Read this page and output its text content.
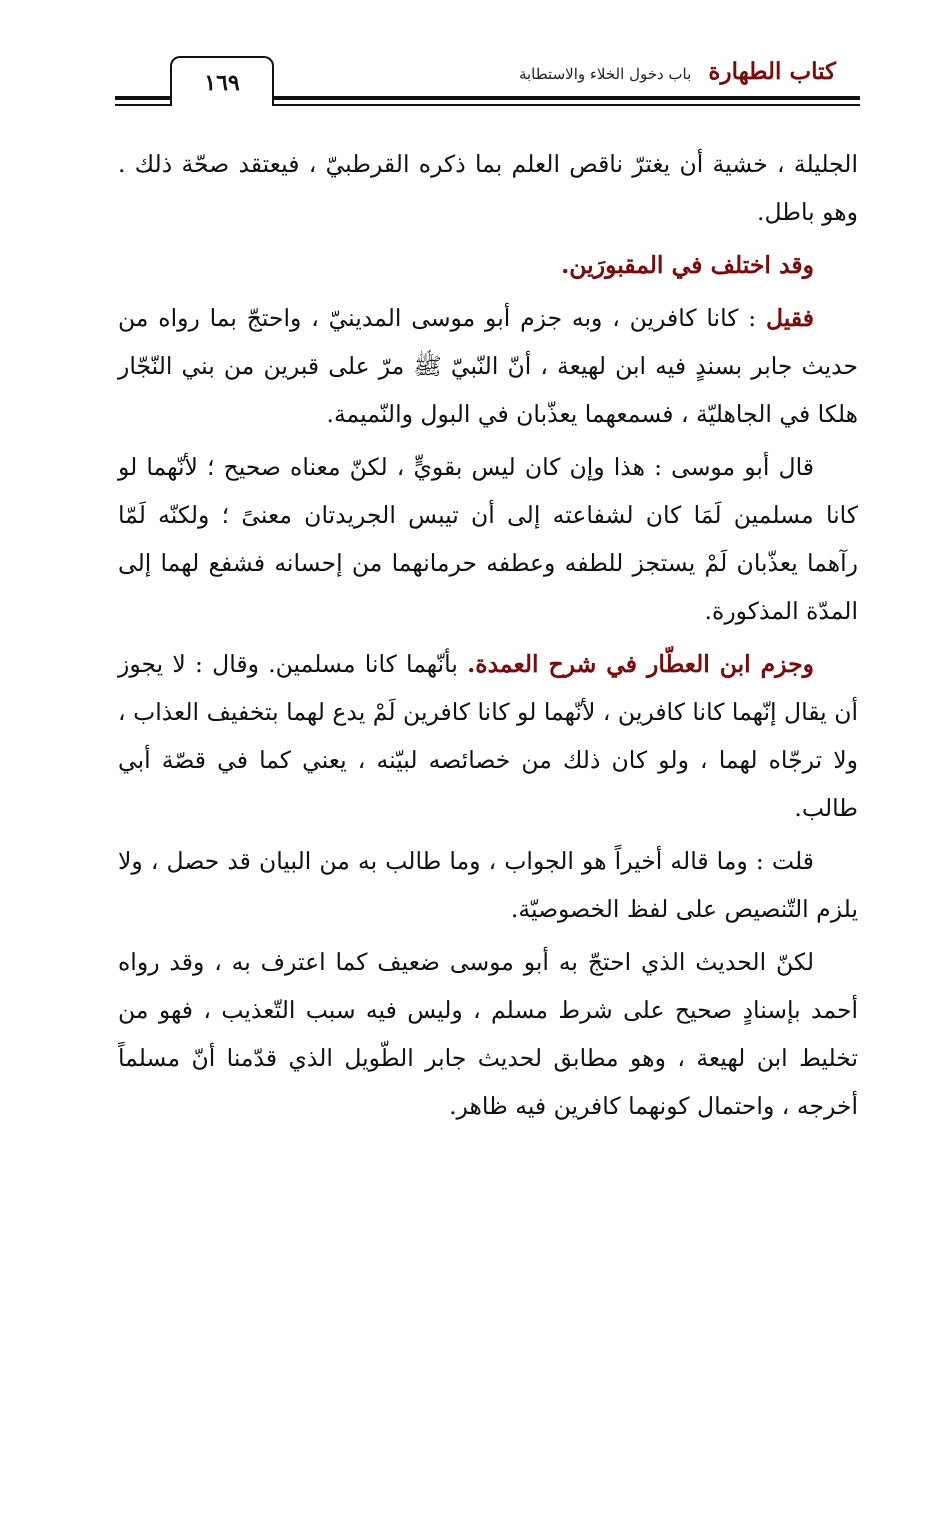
كتاب الطهارة باب دخول الخلاء والاستطابة
١٦٩

الجليلة ، خشية أن يغترّ ناقص العلم بما ذكره القرطبيّ ، فيعتقد صحّة ذلك . وهو باطل.

وقد اختلف في المقبورَين.

فقيل : كانا كافرين ، وبه جزم أبو موسى المدينيّ ، واحتجّ بما رواه من حديث جابر بسندٍ فيه ابن لهيعة ، أنّ النّبيّ ﷺ مرّ على قبرين من بني النّجّار هلكا في الجاهليّة ، فسمعهما يعذّبان في البول والنّميمة.

قال أبو موسى : هذا وإن كان ليس بقويٍّ ، لكنّ معناه صحيح ؛ لأنّهما لو كانا مسلمين لَمَا كان لشفاعته إلى أن تيبس الجريدتان معنىً ؛ ولكنّه لَمّا رآهما يعذّبان لَمْ يستجز للطفه وعطفه حرمانهما من إحسانه فشفع لهما إلى المدّة المذكورة.

وجزم ابن العطّار في شرح العمدة. بأنّهما كانا مسلمين. وقال : لا يجوز أن يقال إنّهما كانا كافرين ، لأنّهما لو كانا كافرين لَمْ يدع لهما بتخفيف العذاب ، ولا ترجّاه لهما ، ولو كان ذلك من خصائصه لبيّنه ، يعني كما في قصّة أبي طالب.

قلت : وما قاله أخيراً هو الجواب ، وما طالب به من البيان قد حصل ، ولا يلزم التّنصيص على لفظ الخصوصيّة.

لكنّ الحديث الذي احتجّ به أبو موسى ضعيف كما اعترف به ، وقد رواه أحمد بإسنادٍ صحيح على شرط مسلم ، وليس فيه سبب التّعذيب ، فهو من تخليط ابن لهيعة ، وهو مطابق لحديث جابر الطّويل الذي قدّمنا أنّ مسلماً أخرجه ، واحتمال كونهما كافرين فيه ظاهر.
